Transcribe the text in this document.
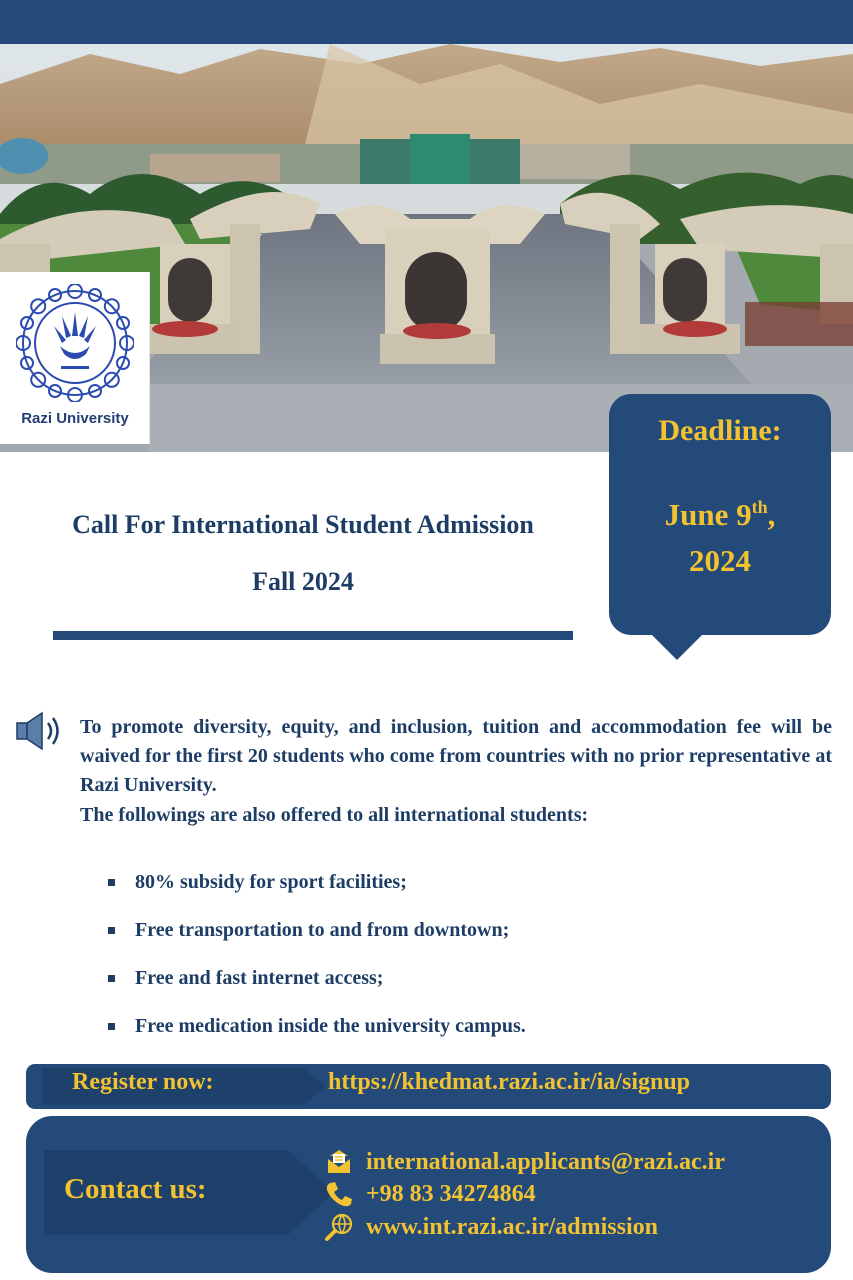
Razi University	Deadline:
June 9th,
2024
Call For International Student Admission
Fall 2024

To promote diversity, equity, and inclusion, tuition and accommodation fee will be waived for the first 20 students who come from countries with no prior representative at Razi University.

The followings are also offered to all international students:

80% subsidy for sport facilities;
Free transportation to and from downtown;
Free and fast internet access;
Free medication inside the university campus.
Register now:	https://khedmat.razi.ac.ir/ia/signup
Contact us:
international.applicants@razi.ac.ir
+98 83 34274864
www.int.razi.ac.ir/admission
